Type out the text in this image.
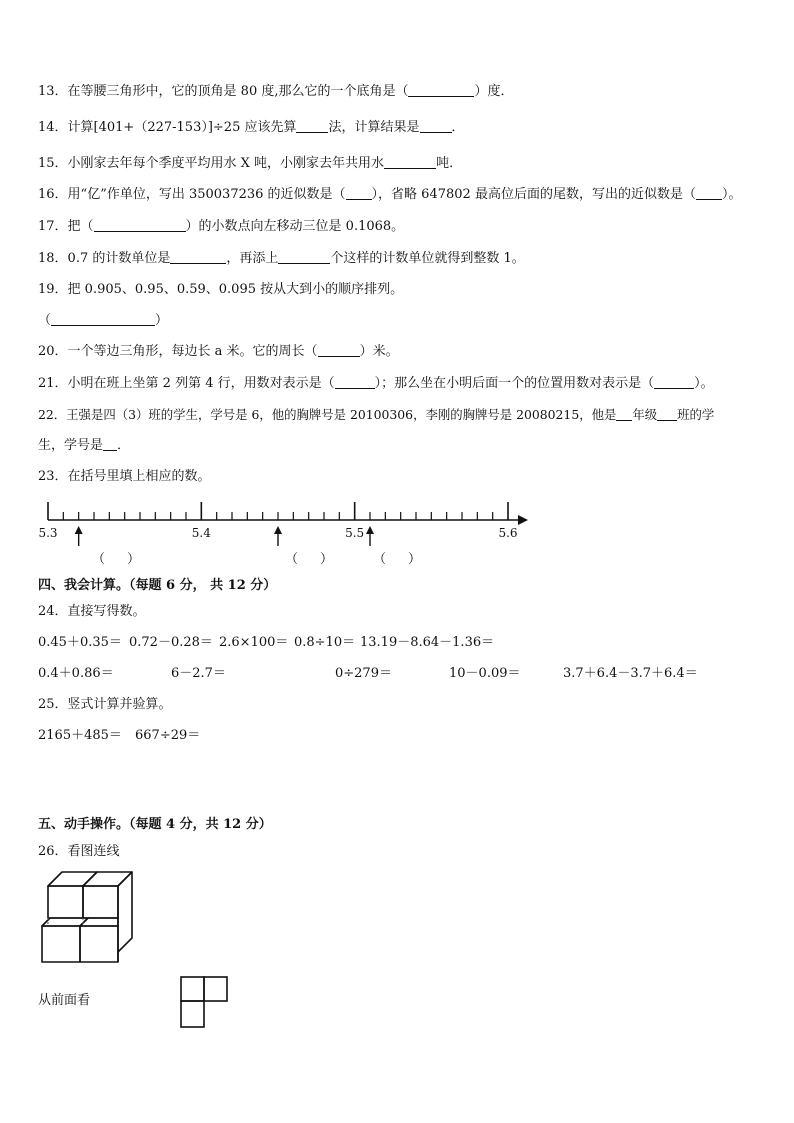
13．在等腰三角形中，它的顶角是 80 度,那么它的一个底角是（	）度．
14．计算[401+（227-153）]÷25 应该先算 法，计算结果是 ．
15．小刚家去年每个季度平均用水 X 吨，小刚家去年共用水	吨．
16．用“亿”作单位，写出 350037236 的近似数是（ ），省略 647802 最高位后面的尾数，写出的近似数是（ ）。
17．把（	）的小数点向左移动三位是 0.1068。
18．0.7 的计数单位是	，再添上	个这样的计数单位就得到整数 1。
19．把 0.905、0.95、0.59、0.095 按从大到小的顺序排列。
（	）
20．一个等边三角形，每边长 a 米。它的周长（	）米。
21．小明在班上坐第 2 列第 4 行，用数对表示是（	）；那么坐在小明后面一个的位置用数对表示是（	）。
22．王强是四（3）班的学生，学号是 6，他的胸牌号是 20100306，李刚的胸牌号是 20080215，他是 年级 班的学
生，学号是 ．
23．在括号里填上相应的数。
5.3	5.4	5.5	5.6
（ ）	（ ）	（ ）
四、我会计算。（每题 6 分， 共 12 分）
24．直接写得数。
0.45＋0.35＝ 0.72－0.28＝ 2.6×100＝ 0.8÷10＝ 13.19－8.64－1.36＝
0.4＋0.86＝	6－2.7＝	0÷279＝	10－0.09＝	3.7＋6.4－3.7＋6.4＝
25．竖式计算并验算。
2165＋485＝ 667÷29＝
五、动手操作。（每题 4 分，共 12 分）
26．看图连线
从前面看
